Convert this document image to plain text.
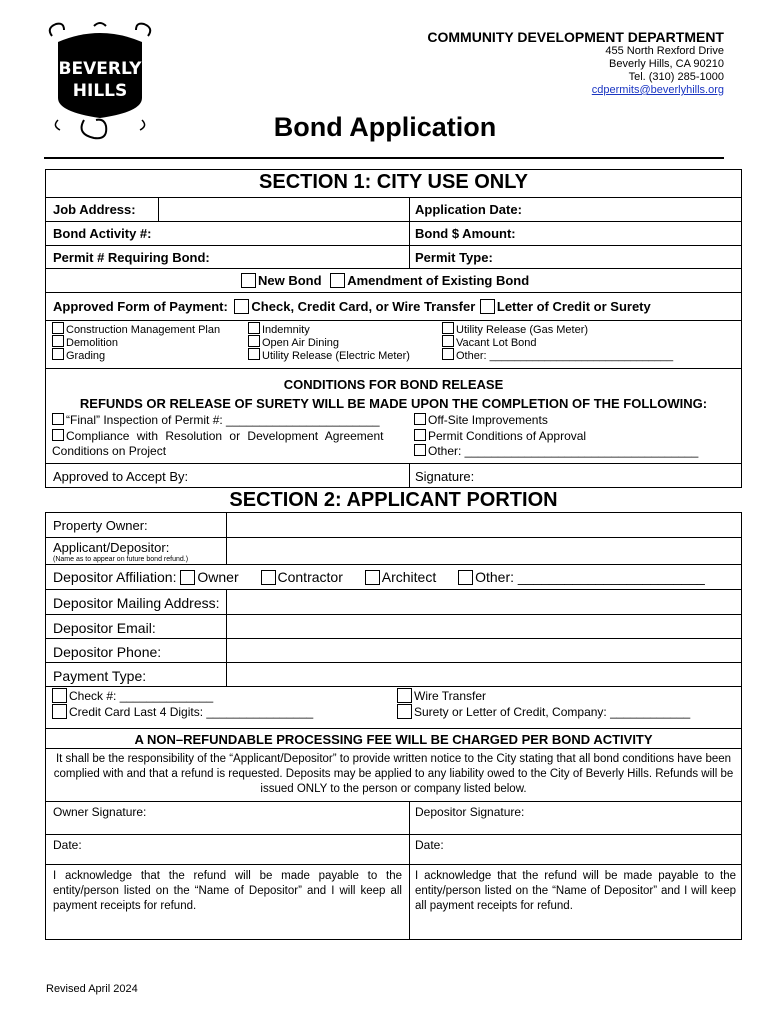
BEVERLY
HILLS
COMMUNITY DEVELOPMENT DEPARTMENT
455 North Rexford Drive
Beverly Hills, CA 90210
Tel. (310) 285-1000
cdpermits@beverlyhills.org
Bond Application
SECTION 1: CITY USE ONLY
Job Address:	Application Date:
Bond Activity #:	Bond $ Amount:
Permit # Requiring Bond:	Permit Type:
New Bond Amendment of Existing Bond
Approved Form of Payment: Check, Credit Card, or Wire Transfer Letter of Credit or Surety
Construction Management Plan
Demolition
Grading
Indemnity
Open Air Dining
Utility Release (Electric Meter)
Utility Release (Gas Meter)
Vacant Lot Bond
Other: ______________________________
CONDITIONS FOR BOND RELEASE
REFUNDS OR RELEASE OF SURETY WILL BE MADE UPON THE COMPLETION OF THE FOLLOWING:
“Final” Inspection of Permit #: _______________________
Compliance with Resolution or Development Agreement
Conditions on Project
Off-Site Improvements
Permit Conditions of Approval
Other: ___________________________________
Approved to Accept By:	Signature:
SECTION 2: APPLICANT PORTION
Property Owner:
Applicant/Depositor:
(Name as to appear on future bond refund.)
Depositor Affiliation: Owner	Contractor	Architect	Other: ________________________
Depositor Mailing Address:
Depositor Email:
Depositor Phone:
Payment Type:
Check #: ______________
Credit Card Last 4 Digits: ________________
Wire Transfer
Surety or Letter of Credit, Company: ____________
A NON–REFUNDABLE PROCESSING FEE WILL BE CHARGED PER BOND ACTIVITY
It shall be the responsibility of the “Applicant/Depositor” to provide written notice to the City stating that all bond conditions have been complied with and that a refund is requested. Deposits may be applied to any liability owed to the City of Beverly Hills. Refunds will be issued ONLY to the person or company listed below.
Owner Signature:	Depositor Signature:
Date:	Date:
I acknowledge that the refund will be made payable to the entity/person listed on the “Name of Depositor” and I will keep all payment receipts for refund.
I acknowledge that the refund will be made payable to the entity/person listed on the “Name of Depositor” and I will keep all payment receipts for refund.
Revised April 2024
